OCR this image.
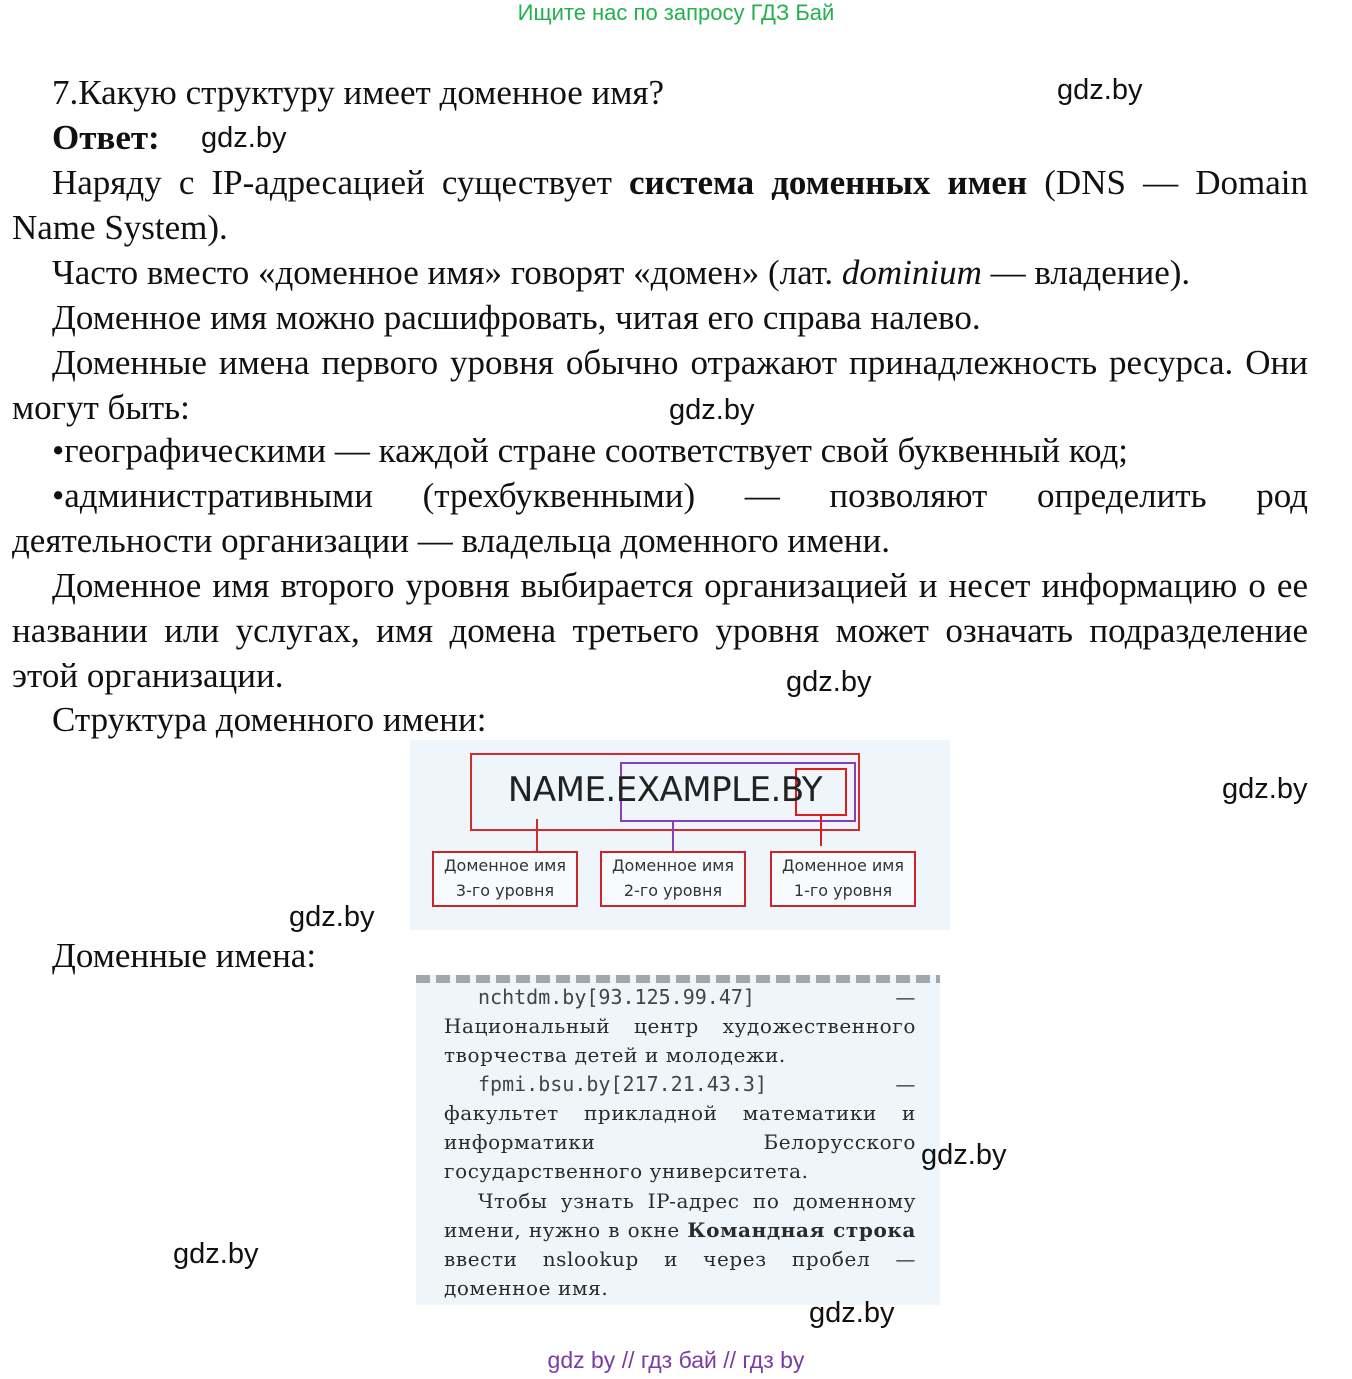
Ищите нас по запросу ГДЗ Бай

7.Какую структуру имеет доменное имя?	gdz.by

Ответ: gdz.by

Наряду с IP-адресацией существует система доменных имен (DNS — Domain Name System).

Часто вместо «доменное имя» говорят «домен» (лат. dominium — владение).

Доменное имя можно расшифровать, читая его справа налево.

Доменные имена первого уровня обычно отражают принадлежность ресурса. Они могут быть:	gdz.by

•географическими — каждой стране соответствует свой буквенный код;

•административными (трехбуквенными) — позволяют определить род деятельности организации — владельца доменного имени.

Доменное имя второго уровня выбирается организацией и несет информацию о ее названии или услугах, имя домена третьего уровня может означать подразделение этой организации.	gdz.by

Структура доменного имени:

NAME.EXAMPLE.BY
Доменное имя
3-го уровня
Доменное имя
2-го уровня
Доменное имя
1-го уровня
gdz.by
gdz.by

Доменные имена:

nchtdm.by[93.125.99.47] — Национальный центр художественного творчества детей и молодежи.

fpmi.bsu.by[217.21.43.3] — факультет прикладной математики и информатики Белорусского государственного университета.

Чтобы узнать IP-адрес по доменному имени, нужно в окне Командная строка ввести nslookup и через пробел — доменное имя.

gdz.by
gdz.by
gdz.by
gdz by // гдз бай // гдз by
